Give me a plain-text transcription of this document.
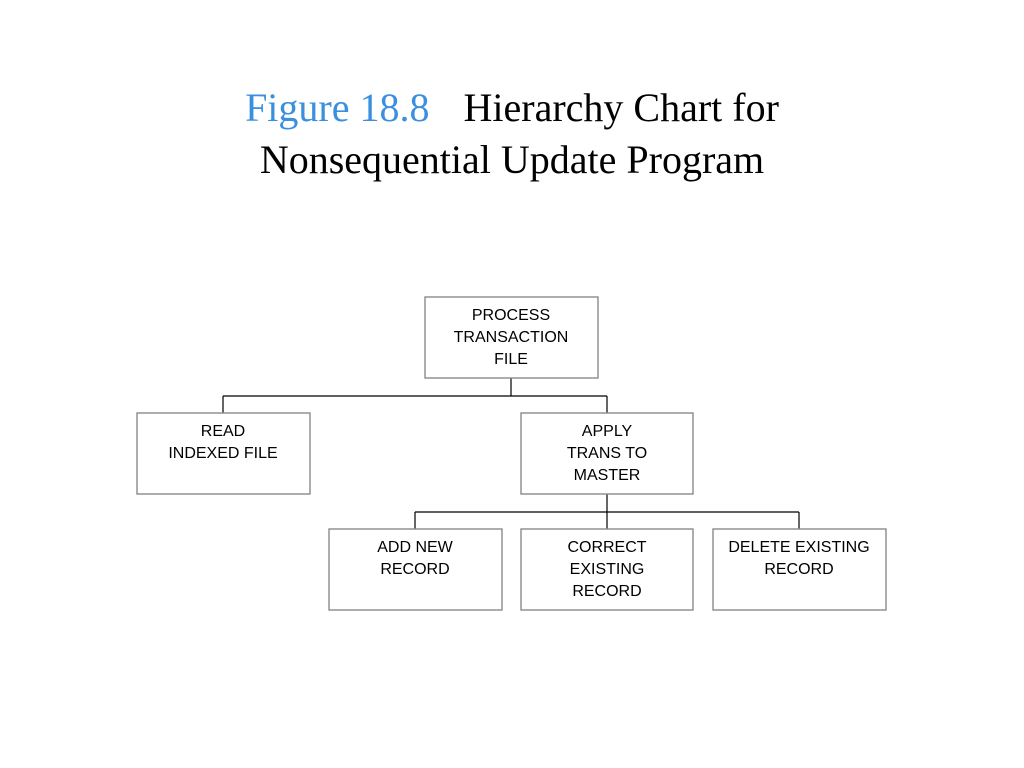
Figure 18.8 Hierarchy Chart for
Nonsequential Update Program
PROCESS
TRANSACTION
FILE
READ
INDEXED FILE
APPLY
TRANS TO
MASTER
ADD NEW
RECORD
CORRECT
EXISTING
RECORD
DELETE EXISTING
RECORD
